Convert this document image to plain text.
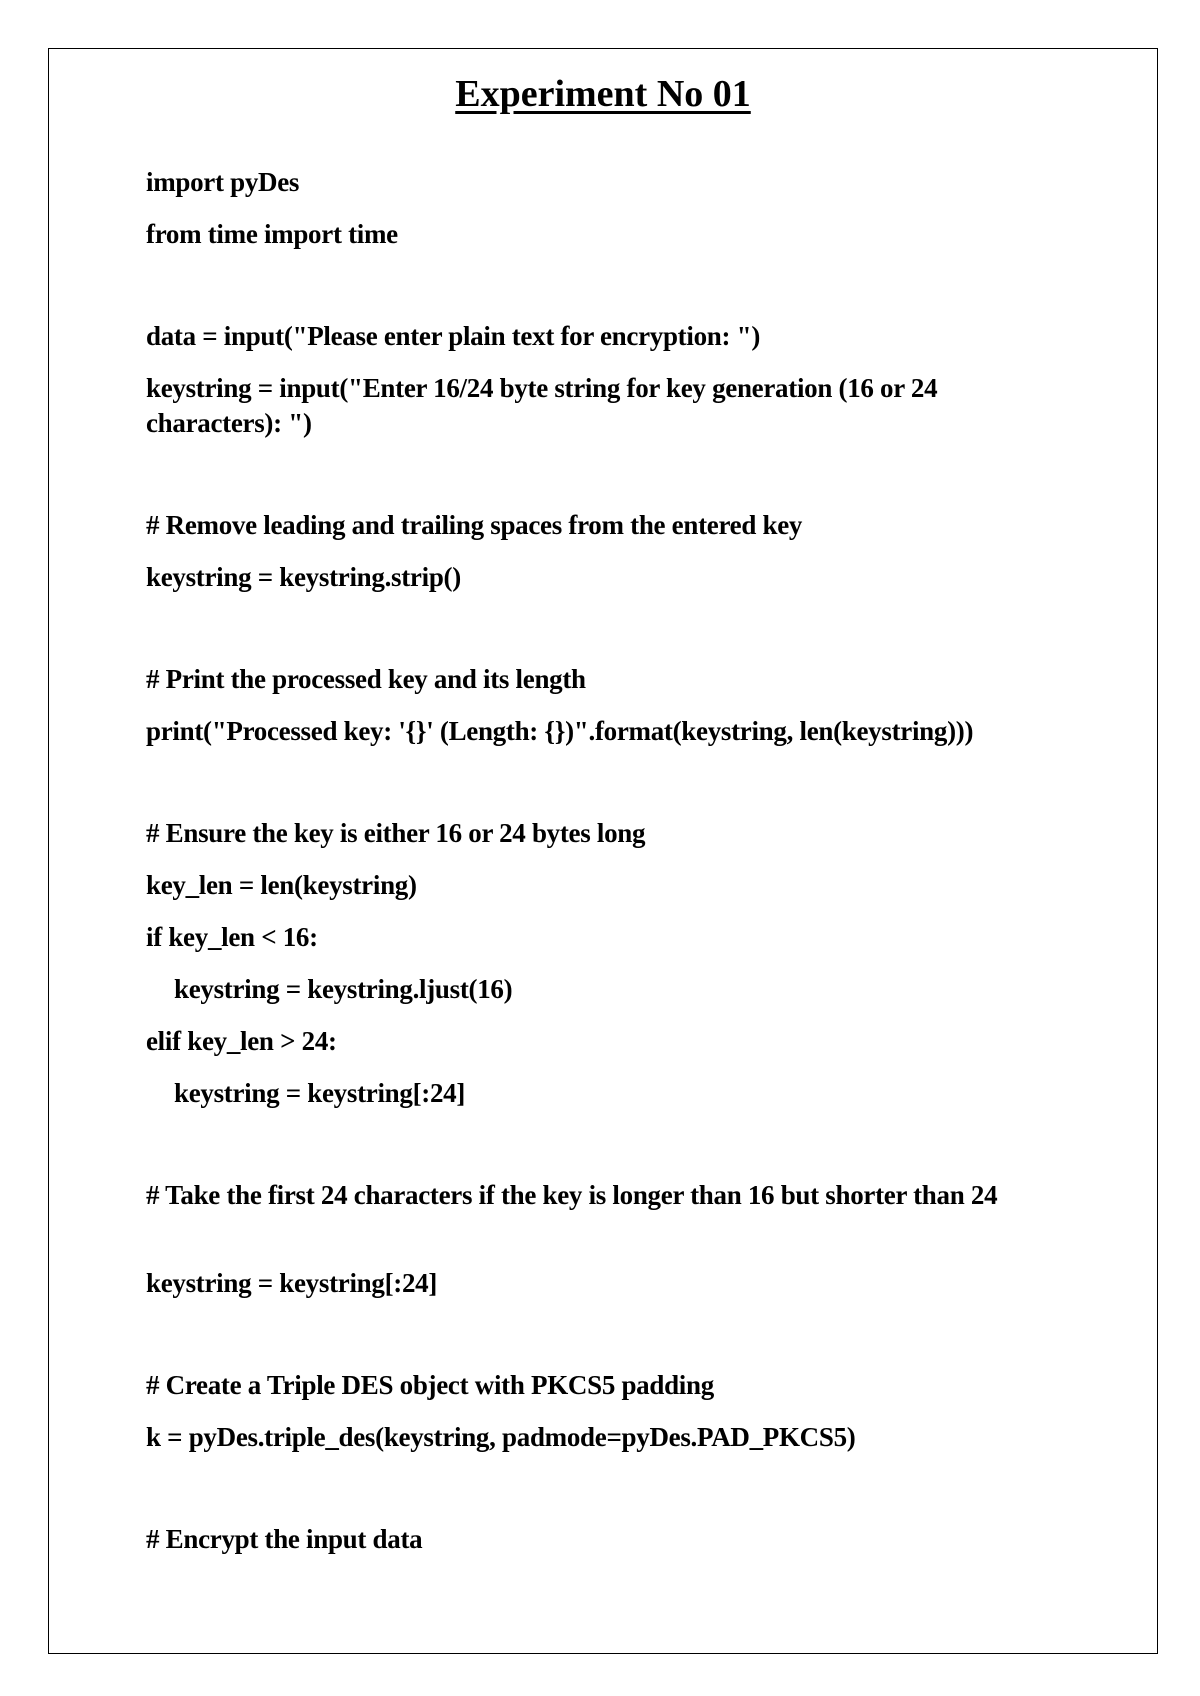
Experiment No 01
import pyDes
from time import time
data = input("Please enter plain text for encryption: ")
keystring = input("Enter 16/24 byte string for key generation (16 or 24 characters): ")
# Remove leading and trailing spaces from the entered key
keystring = keystring.strip()
# Print the processed key and its length
print("Processed key: '{}' (Length: {})".format(keystring, len(keystring)))
# Ensure the key is either 16 or 24 bytes long
key_len = len(keystring)
if key_len < 16:
keystring = keystring.ljust(16)
elif key_len > 24:
keystring = keystring[:24]
# Take the first 24 characters if the key is longer than 16 but shorter than 24
keystring = keystring[:24]
# Create a Triple DES object with PKCS5 padding
k = pyDes.triple_des(keystring, padmode=pyDes.PAD_PKCS5)
# Encrypt the input data
